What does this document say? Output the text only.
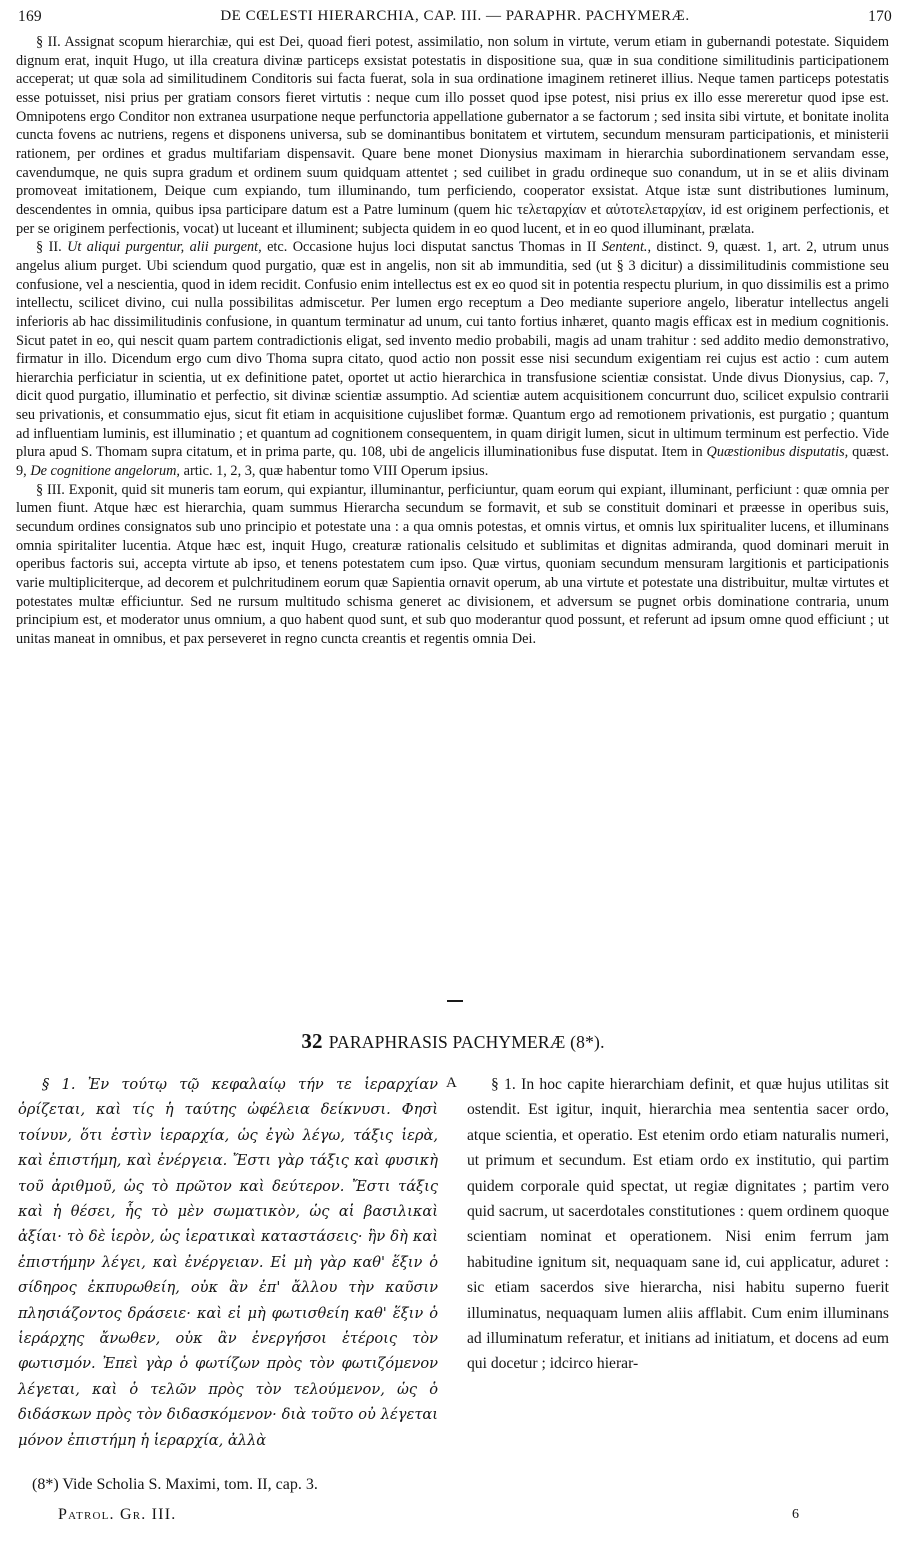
169	DE CŒLESTI HIERARCHIA, CAP. III. — PARAPHR. PACHYMERÆ.	170

§ II. Assignat scopum hierarchiæ, qui est Dei, quoad fieri potest, assimilatio, non solum in virtute, verum etiam in gubernandi potestate. Siquidem dignum erat, inquit Hugo, ut illa creatura divinæ particeps exsistat potestatis in dispositione sua, quæ in sua conditione similitudinis participationem acceperat; ut quæ sola ad similitudinem Conditoris sui facta fuerat, sola in sua ordinatione imaginem retineret illius. Neque tamen particeps potestatis esse potuisset, nisi prius per gratiam consors fieret virtutis : neque cum illo posset quod ipse potest, nisi prius ex illo esse mereretur quod ipse est. Omnipotens ergo Conditor non extranea usurpatione neque perfunctoria appellatione gubernator a se factorum ; sed insita sibi virtute, et bonitate inolita cuncta fovens ac nutriens, regens et disponens universa, sub se dominantibus bonitatem et virtutem, secundum mensuram participationis, et ministerii rationem, per ordines et gradus multifariam dispensavit. Quare bene monet Dionysius maximam in hierarchia subordinationem servandam esse, cavendumque, ne quis supra gradum et ordinem suum quidquam attentet ; sed cuilibet in gradu ordineque suo conandum, ut in se et aliis divinam promoveat imitationem, Deique cum expiando, tum illuminando, tum perficiendo, cooperator exsistat. Atque istæ sunt distributiones luminum, descendentes in omnia, quibus ipsa participare datum est a Patre luminum (quem hic τελεταρχίαν et αὐτοτελεταρχίαν, id est originem perfectionis, et per se originem perfectionis, vocat) ut luceant et illuminent; subjecta quidem in eo quod lucent, et in eo quod illuminant, prælata.

§ II. Ut aliqui purgentur, alii purgent, etc. Occasione hujus loci disputat sanctus Thomas in II Sentent., distinct. 9, quæst. 1, art. 2, utrum unus angelus alium purget. Ubi sciendum quod purgatio, quæ est in angelis, non sit ab immunditia, sed (ut § 3 dicitur) a dissimilitudinis commistione seu confusione, vel a nescientia, quod in idem recidit. Confusio enim intellectus est ex eo quod sit in potentia respectu plurium, in quo dissimilis est a primo intellectu, scilicet divino, cui nulla possibilitas admiscetur. Per lumen ergo receptum a Deo mediante superiore angelo, liberatur intellectus angeli inferioris ab hac dissimilitudinis confusione, in quantum terminatur ad unum, cui tanto fortius inhæret, quanto magis efficax est in medium cognitionis. Sicut patet in eo, qui nescit quam partem contradictionis eligat, sed invento medio probabili, magis ad unam trahitur : sed addito medio demonstrativo, firmatur in illo. Dicendum ergo cum divo Thoma supra citato, quod actio non possit esse nisi secundum exigentiam rei cujus est actio : cum autem hierarchia perficiatur in scientia, ut ex definitione patet, oportet ut actio hierarchica in transfusione scientiæ consistat. Unde divus Dionysius, cap. 7, dicit quod purgatio, illuminatio et perfectio, sit divinæ scientiæ assumptio. Ad scientiæ autem acquisitionem concurrunt duo, scilicet expulsio contrarii seu privationis, et consummatio ejus, sicut fit etiam in acquisitione cujuslibet formæ. Quantum ergo ad remotionem privationis, est purgatio ; quantum ad influentiam luminis, est illuminatio ; et quantum ad cognitionem consequentem, in quam dirigit lumen, sicut in ultimum terminum est perfectio. Vide plura apud S. Thomam supra citatum, et in prima parte, qu. 108, ubi de angelicis illuminationibus fuse disputat. Item in Quæstionibus disputatis, quæst. 9, De cognitione angelorum, artic. 1, 2, 3, quæ habentur tomo VIII Operum ipsius.

§ III. Exponit, quid sit muneris tam eorum, qui expiantur, illuminantur, perficiuntur, quam eorum qui expiant, illuminant, perficiunt : quæ omnia per lumen fiunt. Atque hæc est hierarchia, quam summus Hierarcha secundum se formavit, et sub se constituit dominari et præesse in operibus suis, secundum ordines consignatos sub uno principio et potestate una : a qua omnis potestas, et omnis virtus, et omnis lux spiritualiter lucens, et illuminans omnia spiritaliter lucentia. Atque hæc est, inquit Hugo, creaturæ rationalis celsitudo et sublimitas et dignitas admiranda, quod dominari meruit in operibus factoris sui, accepta virtute ab ipso, et tenens potestatem cum ipso. Quæ virtus, quoniam secundum mensuram largitionis et participationis varie multipliciterque, ad decorem et pulchritudinem eorum quæ Sapientia ornavit operum, ab una virtute et potestate una distribuitur, multæ virtutes et potestates multæ efficiuntur. Sed ne rursum multitudo schisma generet ac divisionem, et adversum se pugnet orbis dominatione contraria, unum principium est, et moderator unus omnium, a quo habent quod sunt, et sub quo moderantur quod possunt, et referunt ad ipsum omne quod efficiunt ; ut unitas maneat in omnibus, et pax perseveret in regno cuncta creantis et regentis omnia Dei.

32 PARAPHRASIS PACHYMERÆ (8*).

§ 1. Ἐν τούτῳ τῷ κεφαλαίῳ τήν τε ἱεραρχίαν ὁρίζεται, καὶ τίς ἡ ταύτης ὠφέλεια δείκνυσι. Φησὶ τοίνυν, ὅτι ἐστὶν ἱεραρχία, ὡς ἐγὼ λέγω, τάξις ἱερὰ, καὶ ἐπιστήμη, καὶ ἐνέργεια. Ἔστι γὰρ τάξις καὶ φυσικὴ τοῦ ἀριθμοῦ, ὡς τὸ πρῶτον καὶ δεύτερον. Ἔστι τάξις καὶ ἡ θέσει, ἧς τὸ μὲν σωματικὸν, ὡς αἱ βασιλικαὶ ἀξίαι· τὸ δὲ ἱερὸν, ὡς ἱερατικαὶ καταστάσεις· ἣν δὴ καὶ ἐπιστήμην λέγει, καὶ ἐνέργειαν. Εἰ μὴ γὰρ καθ' ἕξιν ὁ σίδηρος ἐκπυρωθείη, οὐκ ἂν ἐπ' ἄλλου τὴν καῦσιν πλησιάζοντος δράσειε· καὶ εἰ μὴ φωτισθείη καθ' ἕξιν ὁ ἱεράρχης ἄνωθεν, οὐκ ἂν ἐνεργήσοι ἑτέροις τὸν φωτισμόν. Ἐπεὶ γὰρ ὁ φωτίζων πρὸς τὸν φωτιζόμενον λέγεται, καὶ ὁ τελῶν πρὸς τὸν τελούμενον, ὡς ὁ διδάσκων πρὸς τὸν διδασκόμενον· διὰ τοῦτο οὐ λέγεται μόνον ἐπιστήμη ἡ ἱεραρχία, ἀλλὰ

A	§ 1. In hoc capite hierarchiam definit, et quæ hujus utilitas sit ostendit. Est igitur, inquit, hierarchia mea sententia sacer ordo, atque scientia, et operatio. Est etenim ordo etiam naturalis numeri, ut primum et secundum. Est etiam ordo ex institutio, qui partim quidem corporale quid spectat, ut regiæ dignitates ; partim vero quid sacrum, ut sacerdotales constitutiones : quem ordinem quoque scientiam nominat et operationem. Nisi enim ferrum jam habitudine ignitum sit, nequaquam sane id, cui applicatur, aduret : sic etiam sacerdos sive hierarcha, nisi habitu superno fuerit illuminatus, nequaquam lumen aliis afflabit. Cum enim illuminans ad illuminatum referatur, et initians ad initiatum, et docens ad eum qui docetur ; idcirco hierar-

(8*) Vide Scholia S. Maximi, tom. II, cap. 3.
Patrol. Gr. III.	6
